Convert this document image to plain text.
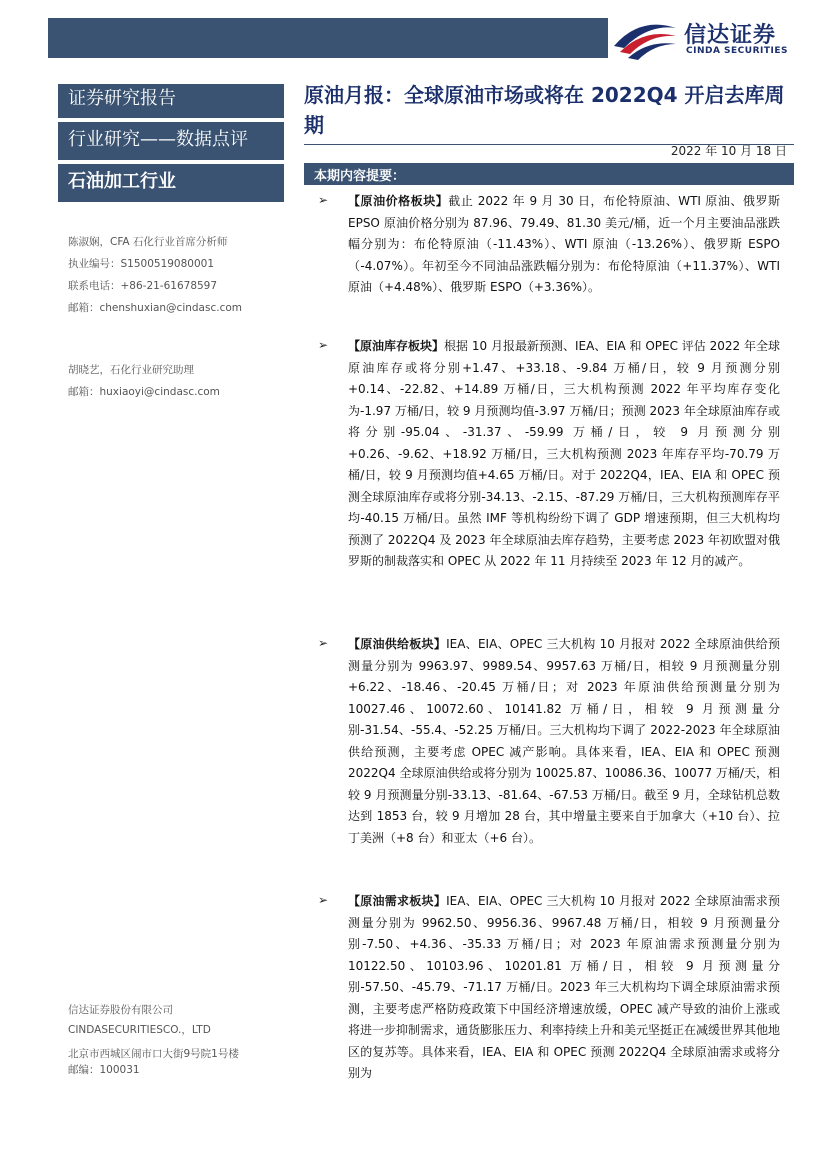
信达证券
CINDA SECURITIES
证券研究报告
行业研究——数据点评
石油加工行业
陈淑娴，CFA 石化行业首席分析师
执业编号：S1500519080001
联系电话：+86-21-61678597
邮箱：chenshuxian@cindasc.com
胡晓艺，石化行业研究助理
邮箱：huxiaoyi@cindasc.com
原油月报：全球原油市场或将在 2022Q4 开启去库周期
2022 年 10 月 18 日
本期内容提要：
➢ 【原油价格板块】截止 2022 年 9 月 30 日，布伦特原油、WTI 原油、俄罗斯 EPSO 原油价格分别为 87.96、79.49、81.30 美元/桶，近一个月主要油品涨跌幅分别为：布伦特原油（-11.43%）、WTI 原油（-13.26%）、俄罗斯 ESPO（-4.07%）。年初至今不同油品涨跌幅分别为：布伦特原油（+11.37%）、WTI 原油（+4.48%）、俄罗斯 ESPO（+3.36%）。
➢ 【原油库存板块】根据 10 月报最新预测、IEA、EIA 和 OPEC 评估 2022 年全球原油库存或将分别+1.47、+33.18、-9.84 万桶/日，较 9 月预测分别+0.14、-22.82、+14.89 万桶/日，三大机构预测 2022 年平均库存变化为-1.97 万桶/日，较 9 月预测均值-3.97 万桶/日；预测 2023 年全球原油库存或将分别-95.04、-31.37、-59.99 万桶/日，较 9 月预测分别+0.26、-9.62、+18.92 万桶/日，三大机构预测 2023 年库存平均-70.79 万桶/日，较 9 月预测均值+4.65 万桶/日。对于 2022Q4，IEA、EIA 和 OPEC 预测全球原油库存或将分别-34.13、-2.15、-87.29 万桶/日，三大机构预测库存平均-40.15 万桶/日。虽然 IMF 等机构纷纷下调了 GDP 增速预期，但三大机构均预测了 2022Q4 及 2023 年全球原油去库存趋势，主要考虑 2023 年初欧盟对俄罗斯的制裁落实和 OPEC 从 2022 年 11 月持续至 2023 年 12 月的减产。
➢ 【原油供给板块】IEA、EIA、OPEC 三大机构 10 月报对 2022 全球原油供给预测量分别为 9963.97、9989.54、9957.63 万桶/日，相较 9 月预测量分别+6.22、-18.46、-20.45 万桶/日；对 2023 年原油供给预测量分别为 10027.46、10072.60、10141.82 万桶/日，相较 9 月预测量分别-31.54、-55.4、-52.25 万桶/日。三大机构均下调了 2022-2023 年全球原油供给预测，主要考虑 OPEC 减产影响。具体来看，IEA、EIA 和 OPEC 预测 2022Q4 全球原油供给或将分别为 10025.87、10086.36、10077 万桶/天，相较 9 月预测量分别-33.13、-81.64、-67.53 万桶/日。截至 9 月，全球钻机总数达到 1853 台，较 9 月增加 28 台，其中增量主要来自于加拿大（+10 台）、拉丁美洲（+8 台）和亚太（+6 台）。
➢ 【原油需求板块】IEA、EIA、OPEC 三大机构 10 月报对 2022 全球原油需求预测量分别为 9962.50、9956.36、9967.48 万桶/日，相较 9 月预测量分别-7.50、+4.36、-35.33 万桶/日；对 2023 年原油需求预测量分别为 10122.50、10103.96、10201.81 万桶/日，相较 9 月预测量分别-57.50、-45.79、-71.17 万桶/日。2023 年三大机构均下调全球原油需求预测，主要考虑严格防疫政策下中国经济增速放缓，OPEC 减产导致的油价上涨或将进一步抑制需求，通货膨胀压力、利率持续上升和美元坚挺正在减缓世界其他地区的复苏等。具体来看，IEA、EIA 和 OPEC 预测 2022Q4 全球原油需求或将分别为
信达证券股份有限公司
CINDASECURITIESCO.，LTD
北京市西城区闹市口大街9号院1号楼
邮编：100031
